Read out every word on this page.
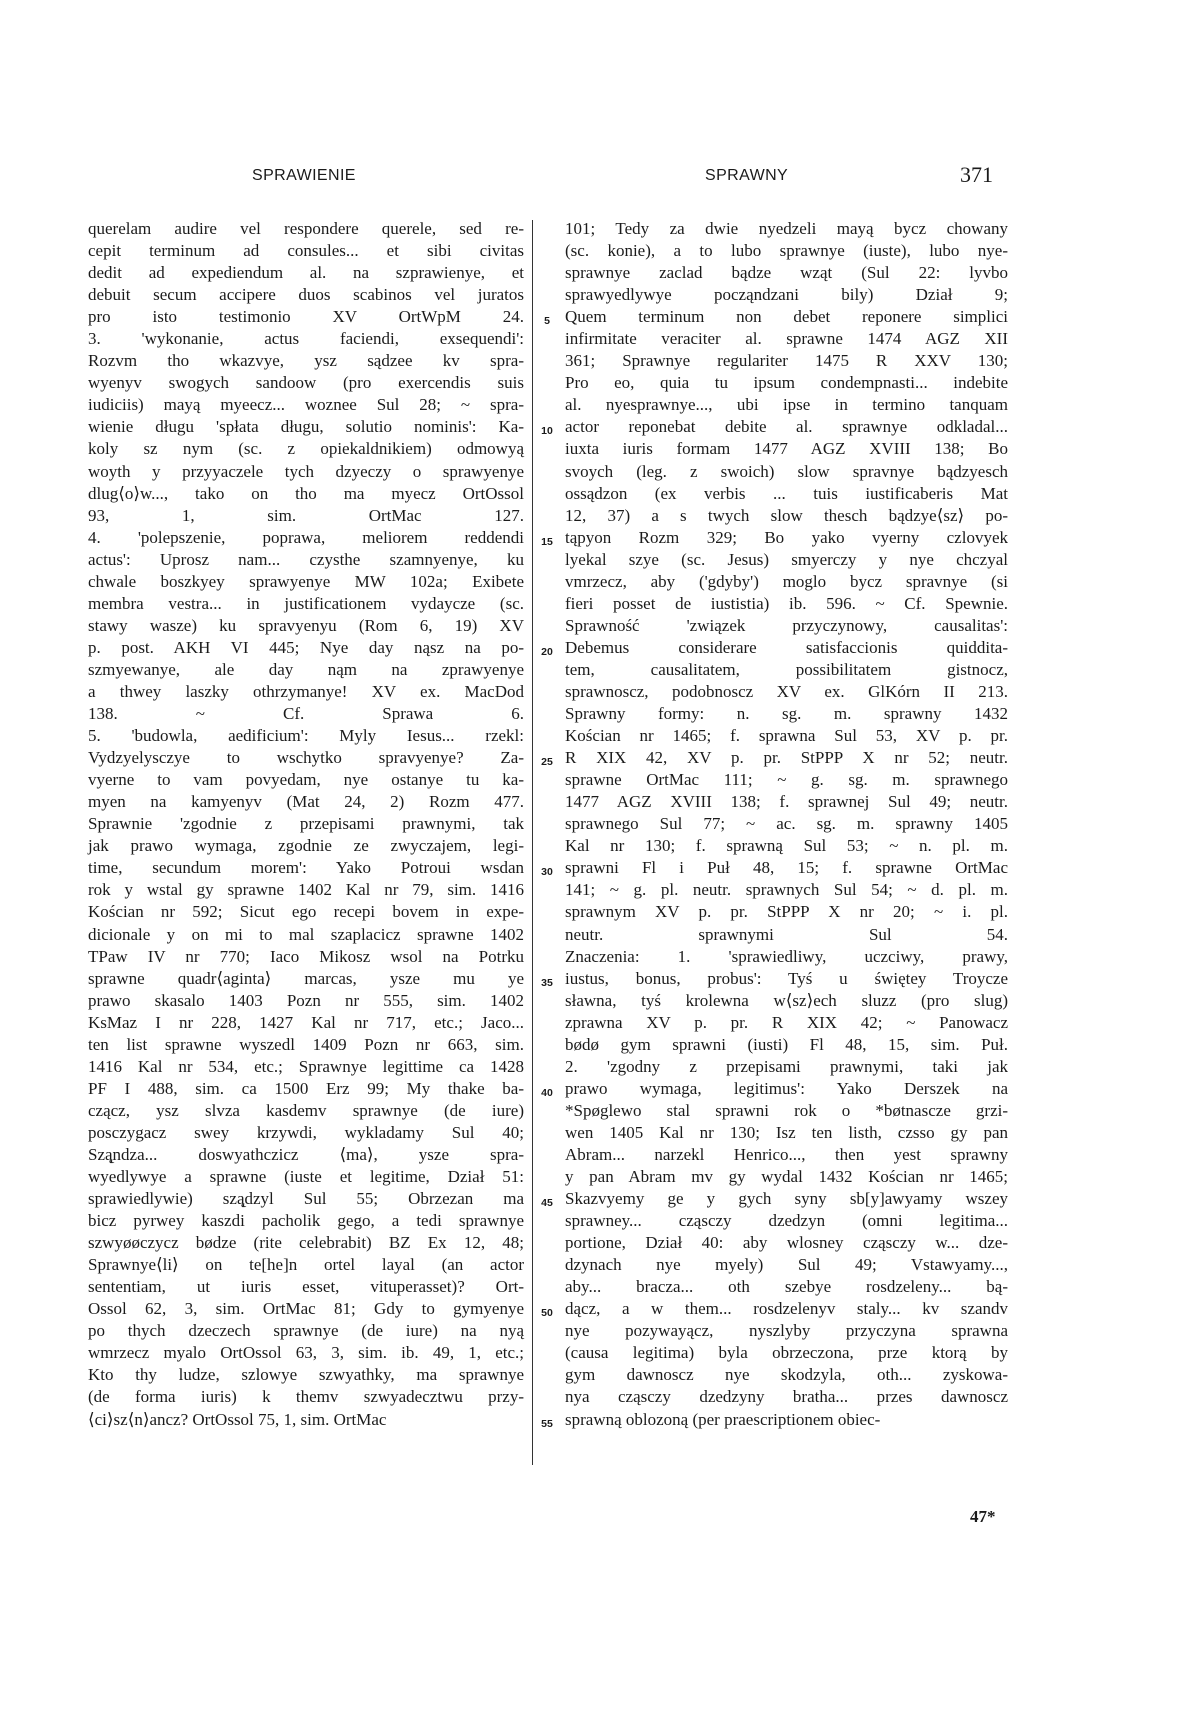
SPRAWIENIE	SPRAWNY	371
querelam audire vel respondere querele, sed re-
cepit terminum ad consules... et sibi civitas
dedit ad expediendum al. na szprawienye, et
debuit secum accipere duos scabinos vel juratos
pro isto testimonio XV OrtWpM 24.
3. 'wykonanie, actus faciendi, exsequendi':
Rozvm tho wkazvye, ysz sądzee kv spra-
wyenyv swogych sandoow (pro exercendis suis
iudiciis) mayą myeecz... woznee Sul 28; ~ spra-
wienie długu 'spłata długu, solutio nominis': Ka-
koly sz nym (sc. z opiekaldnikiem) odmowyą
woyth y przyyaczele tych dzyeczy o sprawyenye
dlug⟨o⟩w..., tako on tho ma myecz OrtOssol
93, 1, sim. OrtMac 127.
4. 'polepszenie, poprawa, meliorem reddendi
actus': Uprosz nam... czysthe szamnyenye, ku
chwale boszkyey sprawyenye MW 102a; Exibete
membra vestra... in justificationem vydaycze (sc.
stawy wasze) ku spravyenyu (Rom 6, 19) XV
p. post. AKH VI 445; Nye day nąsz na po-
szmyewanye, ale day nąm na zprawyenye
a thwey laszky othrzymanye! XV ex. MacDod
138. ~ Cf. Sprawa 6.
5. 'budowla, aedificium': Myly Iesus... rzekl:
Vydzyelysczye to wschytko spravyenye? Za-
vyerne to vam povyedam, nye ostanye tu ka-
myen na kamyenyv (Mat 24, 2) Rozm 477.
Sprawnie 'zgodnie z przepisami prawnymi, tak
jak prawo wymaga, zgodnie ze zwyczajem, legi-
time, secundum morem': Yako Potroui wsdan
rok y wstal gy sprawne 1402 Kal nr 79, sim. 1416
Kościan nr 592; Sicut ego recepi bovem in expe-
dicionale y on mi to mal szaplacicz sprawne 1402
TPaw IV nr 770; Iaco Mikosz wsol na Potrku
sprawne quadr⟨aginta⟩ marcas, ysze mu ye
prawo skasalo 1403 Pozn nr 555, sim. 1402
KsMaz I nr 228, 1427 Kal nr 717, etc.; Jaco...
ten list sprawne wyszedl 1409 Pozn nr 663, sim.
1416 Kal nr 534, etc.; Sprawnye legittime ca 1428
PF I 488, sim. ca 1500 Erz 99; My thake ba-
cząсz, ysz slvza kasdemv sprawnye (de iure)
posczygacz swey krzywdi, wykladamy Sul 40;
Szą̨ndza... doswyathczicz ⟨ma⟩, ysze spra-
wyedlywye a sprawne (iuste et legitime, Dział 51:
sprawiedlywie) szą̨dzyl Sul 55; Obrzezan ma
bicz pyrwey kaszdi pacholik gego, a tedi sprawnye
szwyøøczycz bødze (rite celebrabit) BZ Ex 12, 48;
Sprawnye⟨li⟩ on te[he]n ortel layal (an actor
sententiam, ut iuris esset, vituperasset)? Ort-
Ossol 62, 3, sim. OrtMac 81; Gdy to gymyenye
po thych dzeczech sprawnye (de iure) na nyą
wmrzecz myalo OrtOssol 63, 3, sim. ib. 49, 1, etc.;
Kto thy ludze, szlowye szwyathky, ma sprawnye
(de forma iuris) k themv szwyadecztwu przy-
⟨ci⟩sz⟨n⟩ancz? OrtOssol 75, 1, sim. OrtMac
5
10
15
20
25
30
35
40
45
50
55
101; Tedy za dwie nyedzeli mayą bycz chowany
(sc. konie), a to lubo sprawnye (iuste), lubo nye-
sprawnye zaclad bądze wząt (Sul 22: lyvbo
sprawyedlywye począndzani bily) Dział 9;
Quem terminum non debet reponere simplici
infirmitate veraciter al. sprawne 1474 AGZ XII
361; Sprawnye regulariter 1475 R XXV 130;
Pro eo, quia tu ipsum condempnasti... indebite
al. nyesprawnye..., ubi ipse in termino tanquam
actor reponebat debite al. sprawnye odkladal...
iuxta iuris formam 1477 AGZ XVIII 138; Bo
svoych (leg. z swoich) slow spravnye bądzyesch
ossądzon (ex verbis ... tuis iustificaberis Mat
12, 37) a s twych slow thesch bądzye⟨sz⟩ po-
tąpyon Rozm 329; Bo yako vyerny czlovyek
lyekal szye (sc. Jesus) smyerczy y nye chczyal
vmrzecz, aby ('gdyby') moglo bycz spravnye (si
fieri posset de iustistia) ib. 596. ~ Cf. Spewnie.
Sprawność 'związek przyczynowy, causalitas':
Debemus considerare satisfaccionis quiddita-
tem, causalitatem, possibilitatem gistnocz,
sprawnoscz, podobnoscz XV ex. GlKórn II 213.
Sprawny formy: n. sg. m. sprawny 1432
Kościan nr 1465; f. sprawna Sul 53, XV p. pr.
R XIX 42, XV p. pr. StPPP X nr 52; neutr.
sprawne OrtMac 111; ~ g. sg. m. sprawnego
1477 AGZ XVIII 138; f. sprawnej Sul 49; neutr.
sprawnego Sul 77; ~ ac. sg. m. sprawny 1405
Kal nr 130; f. sprawną Sul 53; ~ n. pl. m.
sprawni Fl i Puł 48, 15; f. sprawne OrtMac
141; ~ g. pl. neutr. sprawnych Sul 54; ~ d. pl. m.
sprawnym XV p. pr. StPPP X nr 20; ~ i. pl.
neutr. sprawnymi Sul 54.
Znaczenia: 1. 'sprawiedliwy, uczciwy, prawy,
iustus, bonus, probus': Tyś u świętey Troycze
sławna, tyś krolewna w⟨sz⟩ech sluzz (pro slug)
zprawna XV p. pr. R XIX 42; ~ Panowacz
bødø gym sprawni (iusti) Fl 48, 15, sim. Puł.
2. 'zgodny z przepisami prawnymi, taki jak
prawo wymaga, legitimus': Yako Derszek na
*Spøglewo stal sprawni rok o *bøtnascze grzi-
wen 1405 Kal nr 130; Isz ten listh, czsso gy pan
Abram... narzekl Henrico..., then yest sprawny
y pan Abram mv gy wydal 1432 Kościan nr 1465;
Skazvyemy ge y gych syny sb[y]awyamy wszey
sprawney... cząsczy dzedzyn (omni legitima...
portione, Dział 40: aby wlosney cząsczy w... dze-
dzynach nye myely) Sul 49; Vstawyamy...,
aby... bracza... oth szebye rosdzeleny... bą-
dącz, a w them... rosdzelenyv staly... kv szandv
nye pozywayącz, nyszlyby przyczyna sprawna
(causa legitima) byla obrzeczona, prze ktorą by
gym dawnoscz nye skodzyla, oth... zyskowa-
nya cząsczy dzedzyny bratha... przes dawnoscz
sprawną oblozoną (per praescriptionem obiec-
47*
